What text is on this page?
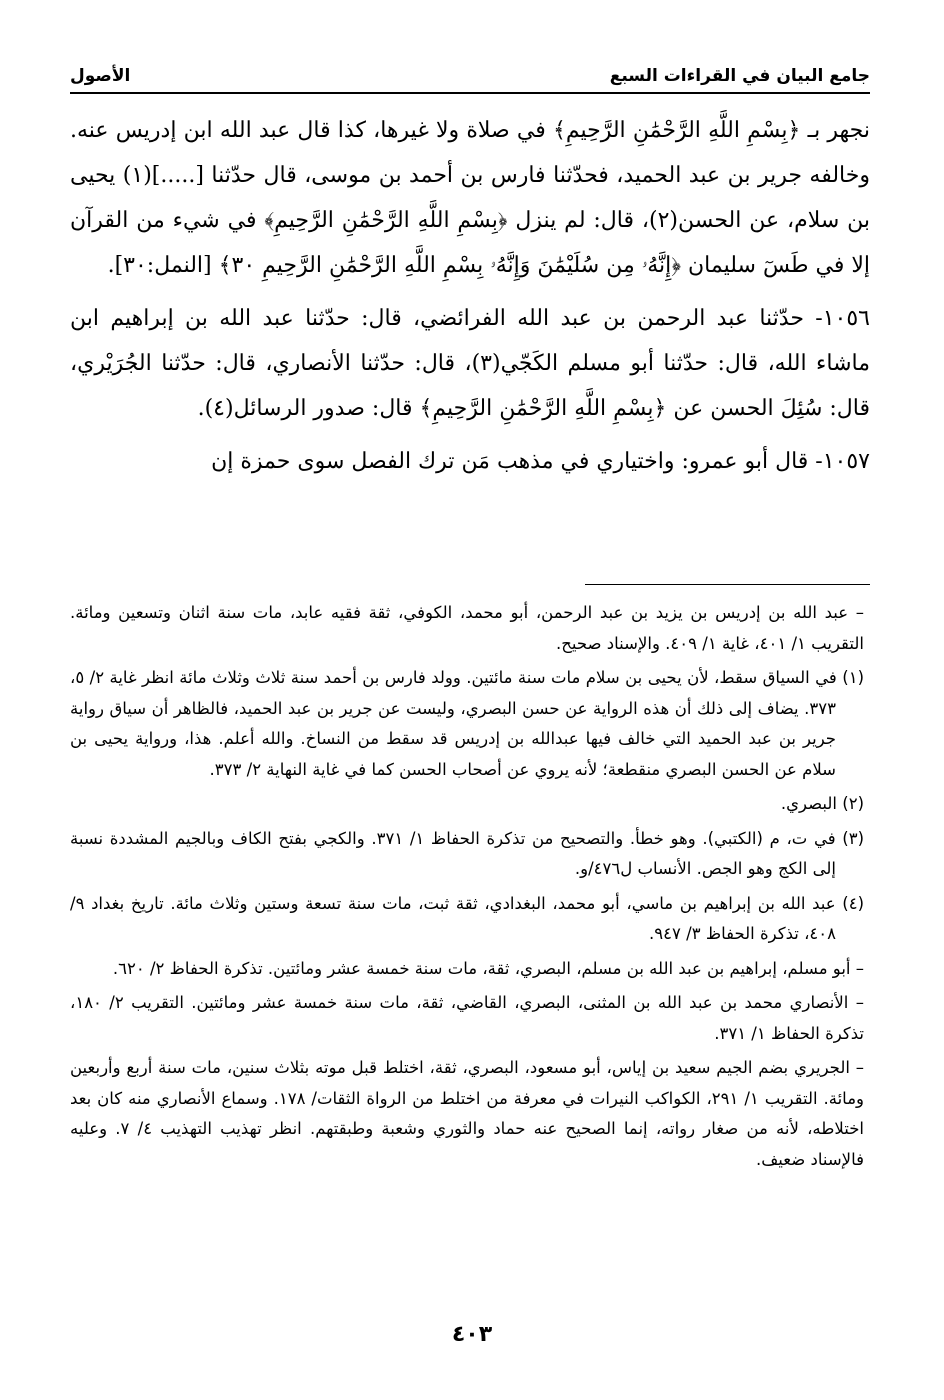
جامع البيان في القراءات السبع
الأصول

نجهر بـ ﴿بِسْمِ اللَّهِ الرَّحْمَٰنِ الرَّحِيمِ﴾ في صلاة ولا غيرها، كذا قال عبد الله ابن إدريس عنه. وخالفه جرير بن عبد الحميد، فحدّثنا فارس بن أحمد بن موسى، قال حدّثنا [.....](١) يحيى بن سلام، عن الحسن(٢)، قال: لم ينزل ﴿بِسْمِ اللَّهِ الرَّحْمَٰنِ الرَّحِيمِ﴾ في شيء من القرآن إلا في طَسٓ سليمان ﴿إِنَّهُۥ مِن سُلَيْمَٰنَ وَإِنَّهُۥ بِسْمِ اللَّهِ الرَّحْمَٰنِ الرَّحِيمِ ٣٠﴾ [النمل:٣٠].

١٠٥٦- حدّثنا عبد الرحمن بن عبد الله الفرائضي، قال: حدّثنا عبد الله بن إبراهيم ابن ماشاء الله، قال: حدّثنا أبو مسلم الكَجّي(٣)، قال: حدّثنا الأنصاري، قال: حدّثنا الجُرَيْري، قال: سُئِلَ الحسن عن ﴿بِسْمِ اللَّهِ الرَّحْمَٰنِ الرَّحِيمِ﴾ قال: صدور الرسائل(٤).

١٠٥٧- قال أبو عمرو: واختياري في مذهب مَن ترك الفصل سوى حمزة إن

– عبد الله بن إدريس بن يزيد بن عبد الرحمن، أبو محمد، الكوفي، ثقة فقيه عابد، مات سنة اثنان وتسعين ومائة. التقريب ١/ ٤٠١، غاية ١/ ٤٠٩. والإسناد صحيح.

(١) في السياق سقط، لأن يحيى بن سلام مات سنة مائتين. وولد فارس بن أحمد سنة ثلاث وثلاث مائة انظر غاية ٢/ ٥، ٣٧٣. يضاف إلى ذلك أن هذه الرواية عن حسن البصري، وليست عن جرير بن عبد الحميد، فالظاهر أن سياق رواية جرير بن عبد الحميد التي خالف فيها عبدالله بن إدريس قد سقط من النساخ. والله أعلم. هذا، ورواية يحيى بن سلام عن الحسن البصري منقطعة؛ لأنه يروي عن أصحاب الحسن كما في غاية النهاية ٢/ ٣٧٣.

(٢) البصري.

(٣) في ت، م (الكتبي). وهو خطأ. والتصحيح من تذكرة الحفاظ ١/ ٣٧١. والكجي بفتح الكاف وبالجيم المشددة نسبة إلى الكج وهو الجص. الأنساب ل٤٧٦/و.

(٤) عبد الله بن إبراهيم بن ماسي، أبو محمد، البغدادي، ثقة ثبت، مات سنة تسعة وستين وثلاث مائة. تاريخ بغداد ٩/ ٤٠٨، تذكرة الحفاظ ٣/ ٩٤٧.

– أبو مسلم، إبراهيم بن عبد الله بن مسلم، البصري، ثقة، مات سنة خمسة عشر ومائتين. تذكرة الحفاظ ٢/ ٦٢٠.

– الأنصاري محمد بن عبد الله بن المثنى، البصري، القاضي، ثقة، مات سنة خمسة عشر ومائتين. التقريب ٢/ ١٨٠، تذكرة الحفاظ ١/ ٣٧١.

– الجريري بضم الجيم سعيد بن إياس، أبو مسعود، البصري، ثقة، اختلط قبل موته بثلاث سنين، مات سنة أربع وأربعين ومائة. التقريب ١/ ٢٩١، الكواكب النيرات في معرفة من اختلط من الرواة الثقات/ ١٧٨. وسماع الأنصاري منه كان بعد اختلاطه، لأنه من صغار رواته، إنما الصحيح عنه حماد والثوري وشعبة وطبقتهم. انظر تهذيب التهذيب ٤/ ٧. وعليه فالإسناد ضعيف.

٤٠٣
